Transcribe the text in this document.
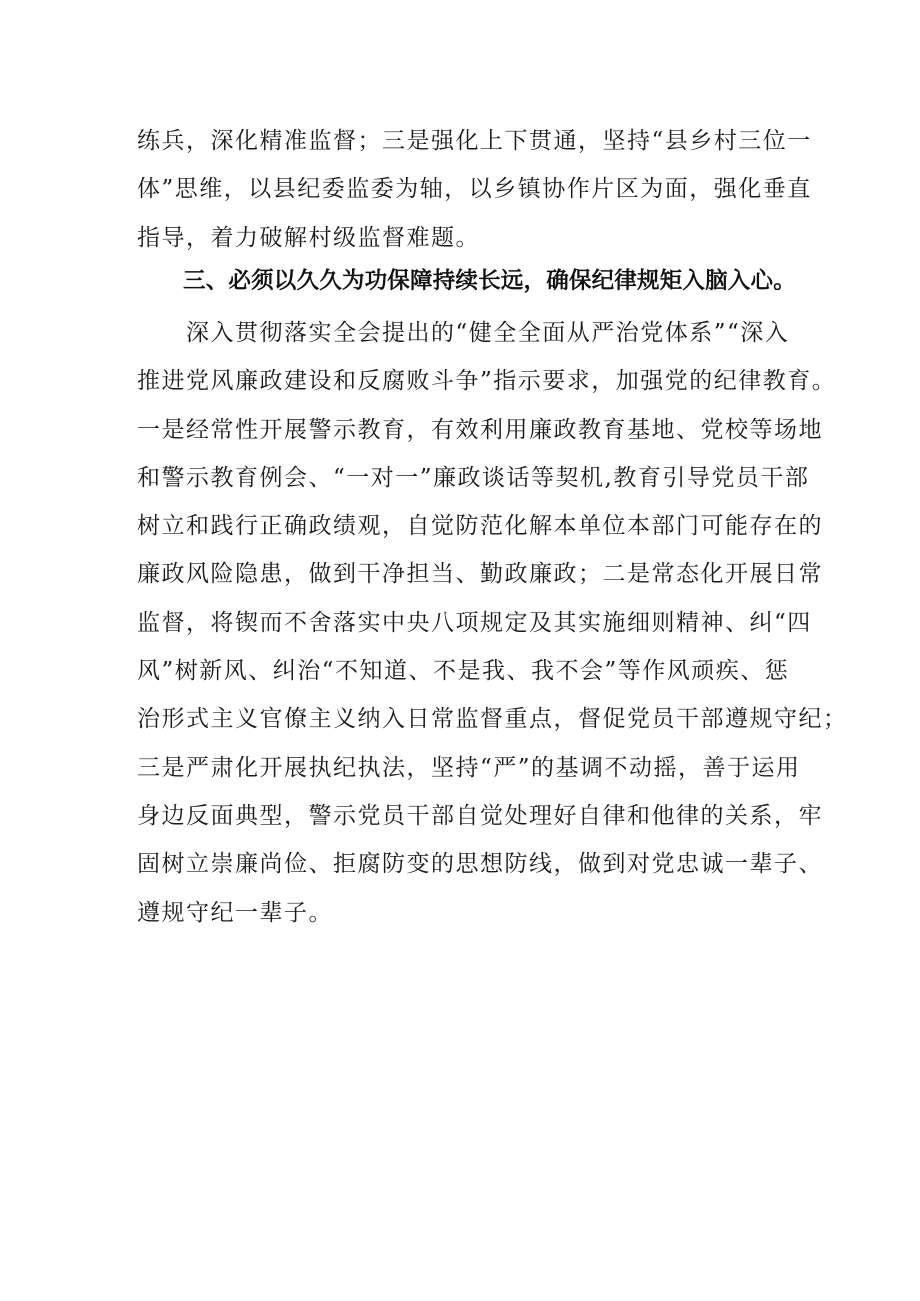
练兵，深化精准监督；三是强化上下贯通，坚持“县乡村三位一
体”思维，以县纪委监委为轴，以乡镇协作片区为面，强化垂直
指导，着力破解村级监督难题。
三、必须以久久为功保障持续长远，确保纪律规矩入脑入心。
　　深入贯彻落实全会提出的“健全全面从严治党体系”“深入
推进党风廉政建设和反腐败斗争”指示要求，加强党的纪律教育。
一是经常性开展警示教育，有效利用廉政教育基地、党校等场地
和警示教育例会、“一对一”廉政谈话等契机,教育引导党员干部
树立和践行正确政绩观，自觉防范化解本单位本部门可能存在的
廉政风险隐患，做到干净担当、勤政廉政；二是常态化开展日常
监督，将锲而不舍落实中央八项规定及其实施细则精神、纠“四
风”树新风、纠治“不知道、不是我、我不会”等作风顽疾、惩
治形式主义官僚主义纳入日常监督重点，督促党员干部遵规守纪；
三是严肃化开展执纪执法，坚持“严”的基调不动摇，善于运用
身边反面典型，警示党员干部自觉处理好自律和他律的关系，牢
固树立崇廉尚俭、拒腐防变的思想防线，做到对党忠诚一辈子、
遵规守纪一辈子。
